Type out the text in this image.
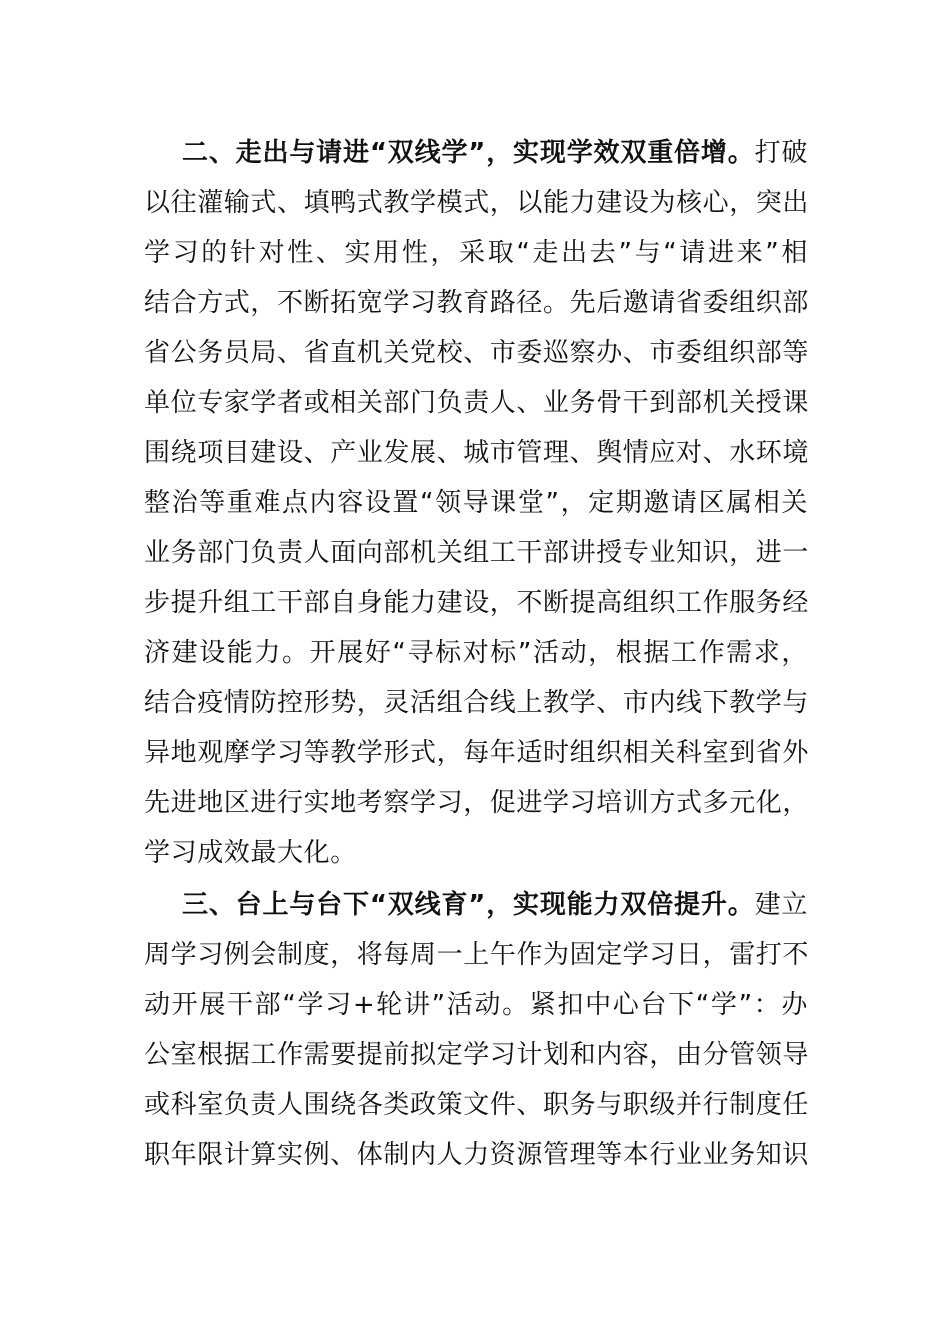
二、走出与请进“双线学”，实现学效双重倍增。打破
以往灌输式、填鸭式教学模式，以能力建设为核心，突出
学习的针对性、实用性，采取“走出去”与“请进来”相
结合方式，不断拓宽学习教育路径。先后邀请省委组织部
省公务员局、省直机关党校、市委巡察办、市委组织部等
单位专家学者或相关部门负责人、业务骨干到部机关授课
围绕项目建设、产业发展、城市管理、舆情应对、水环境
整治等重难点内容设置“领导课堂”，定期邀请区属相关
业务部门负责人面向部机关组工干部讲授专业知识，进一
步提升组工干部自身能力建设，不断提高组织工作服务经
济建设能力。开展好“寻标对标”活动，根据工作需求，
结合疫情防控形势，灵活组合线上教学、市内线下教学与
异地观摩学习等教学形式，每年适时组织相关科室到省外
先进地区进行实地考察学习，促进学习培训方式多元化，
学习成效最大化。
三、台上与台下“双线育”，实现能力双倍提升。建立
周学习例会制度，将每周一上午作为固定学习日，雷打不
动开展干部“学习+轮讲”活动。紧扣中心台下“学”：办
公室根据工作需要提前拟定学习计划和内容，由分管领导
或科室负责人围绕各类政策文件、职务与职级并行制度任
职年限计算实例、体制内人力资源管理等本行业业务知识
